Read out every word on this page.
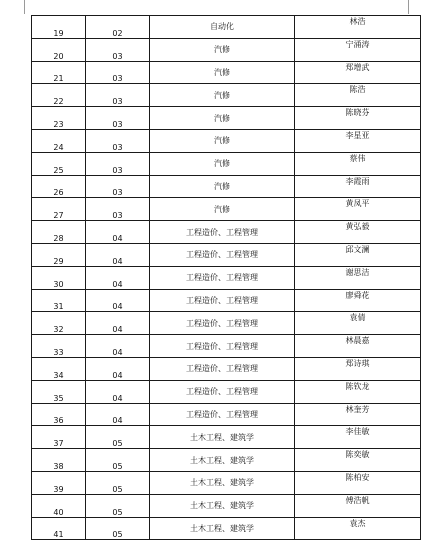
19	02	自动化	林浩
20	03	汽修	宁涌涛
21	03	汽修	郑增武
22	03	汽修	陈浩
23	03	汽修	陈晓芬
24	03	汽修	李星亚
25	03	汽修	蔡伟
26	03	汽修	李霞雨
27	03	汽修	黄凤平
28	04	工程造价、工程管理	黄弘毅
29	04	工程造价、工程管理	邱文澜
30	04	工程造价、工程管理	谢思洁
31	04	工程造价、工程管理	廖舜花
32	04	工程造价、工程管理	袁倩
33	04	工程造价、工程管理	林晨嘉
34	04	工程造价、工程管理	郑诗琪
35	04	工程造价、工程管理	陈钦龙
36	04	工程造价、工程管理	林奎芳
37	05	土木工程、建筑学	李佳敏
38	05	土木工程、建筑学	陈奕敏
39	05	土木工程、建筑学	陈柏安
40	05	土木工程、建筑学	傅浩帆
41	05	土木工程、建筑学	袁杰
